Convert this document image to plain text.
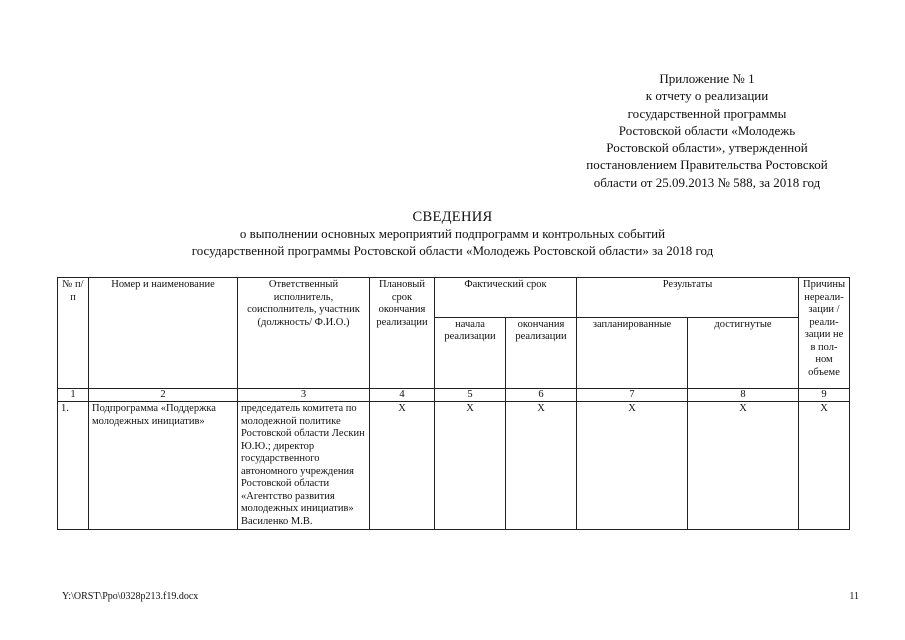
Приложение № 1
к отчету о реализации
государственной программы
Ростовской области «Молодежь
Ростовской области», утвержденной
постановлением Правительства Ростовской
области от 25.09.2013 № 588, за 2018 год
СВЕДЕНИЯ
о выполнении основных мероприятий подпрограмм и контрольных событий
государственной программы Ростовской области «Молодежь Ростовской области» за 2018 год
№ п/п	Номер и наименование	Ответственный исполнитель, соисполнитель, участник (должность/ Ф.И.О.)	Плановый срок окончания реализации	Фактический срок		Результаты		Причины нереали-зации / реали-зации не в пол-ном объеме
				начала реализации	окончания реализации	запланированные	достигнутые	
1	2	3	4	5	6	7	8	9
1.	Подпрограмма «Поддержка молодежных инициатив»	председатель комитета по молодежной политике Ростовской области Лескин Ю.Ю.; директор государственного автономного учреждения Ростовской области «Агентство развития молодежных инициатив» Василенко М.В.	X	X	X	X	X	X
Y:\ORST\Ppo\0328p213.f19.docx	11
